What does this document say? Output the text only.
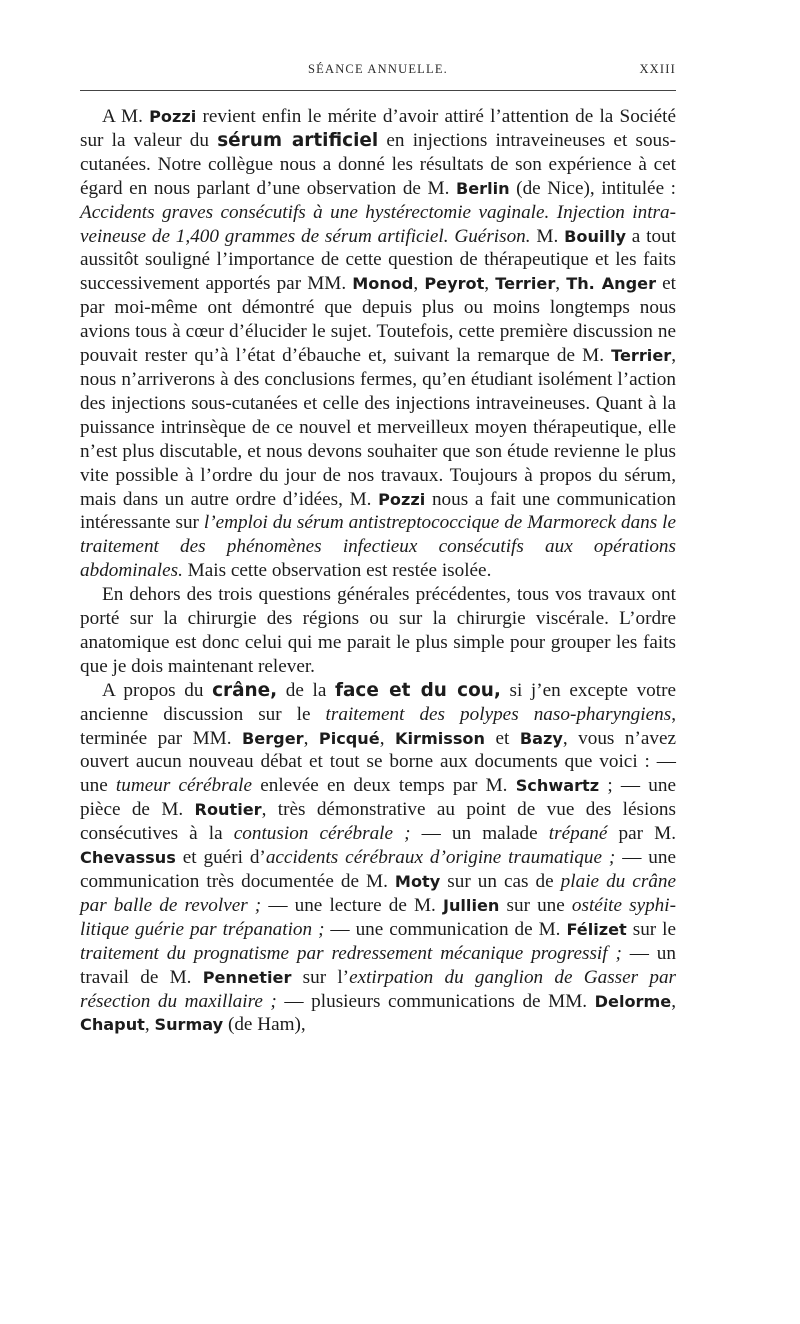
SÉANCE ANNUELLE.	XXIII

A M. Pozzi revient enfin le mérite d’avoir attiré l’attention de la Société sur la valeur du sérum artificiel en injections intraveineuses et sous-cutanées. Notre collègue nous a donné les résultats de son expérience à cet égard en nous parlant d’une observation de M. Berlin (de Nice), intitulée : Accidents graves consécutifs à une hystérectomie vaginale. Injection intra-veineuse de 1,400 grammes de sérum artificiel. Guérison. M. Bouilly a tout aussitôt souligné l’importance de cette question de thérapeutique et les faits successivement apportés par MM. Monod, Peyrot, Terrier, Th. Anger et par moi-même ont démontré que depuis plus ou moins longtemps nous avions tous à cœur d’élucider le sujet. Toutefois, cette première discussion ne pouvait rester qu’à l’état d’ébauche et, suivant la remarque de M. Terrier, nous n’arriverons à des conclusions fermes, qu’en étudiant isolément l’action des injections sous-cutanées et celle des injections intraveineuses. Quant à la puissance intrinsèque de ce nouvel et merveilleux moyen thérapeutique, elle n’est plus discutable, et nous devons souhaiter que son étude revienne le plus vite possible à l’ordre du jour de nos travaux. Toujours à propos du sérum, mais dans un autre ordre d’idées, M. Pozzi nous a fait une communication intéressante sur l’emploi du sérum antistreptococcique de Marmoreck dans le traitement des phénomènes infectieux consécutifs aux opérations abdominales. Mais cette observation est restée isolée.

En dehors des trois questions générales précédentes, tous vos travaux ont porté sur la chirurgie des régions ou sur la chirurgie viscérale. L’ordre anatomique est donc celui qui me parait le plus simple pour grouper les faits que je dois maintenant relever.

A propos du crâne, de la face et du cou, si j’en excepte votre ancienne discussion sur le traitement des polypes naso-pharyngiens, terminée par MM. Berger, Picqué, Kirmisson et Bazy, vous n’avez ouvert aucun nouveau débat et tout se borne aux documents que voici : — une tumeur cérébrale enlevée en deux temps par M. Schwartz ; — une pièce de M. Routier, très démonstrative au point de vue des lésions consécutives à la contusion cérébrale ; — un malade trépané par M. Chevassus et guéri d’accidents cérébraux d’origine traumatique ; — une communication très documentée de M. Moty sur un cas de plaie du crâne par balle de revolver ; — une lecture de M. Jullien sur une ostéite syphilitique guérie par trépanation ; — une communication de M. Félizet sur le traitement du prognatisme par redressement mécanique progressif ; — un travail de M. Pennetier sur l’extirpation du ganglion de Gasser par résection du maxillaire ; — plusieurs communications de MM. Delorme, Chaput, Surmay (de Ham),
